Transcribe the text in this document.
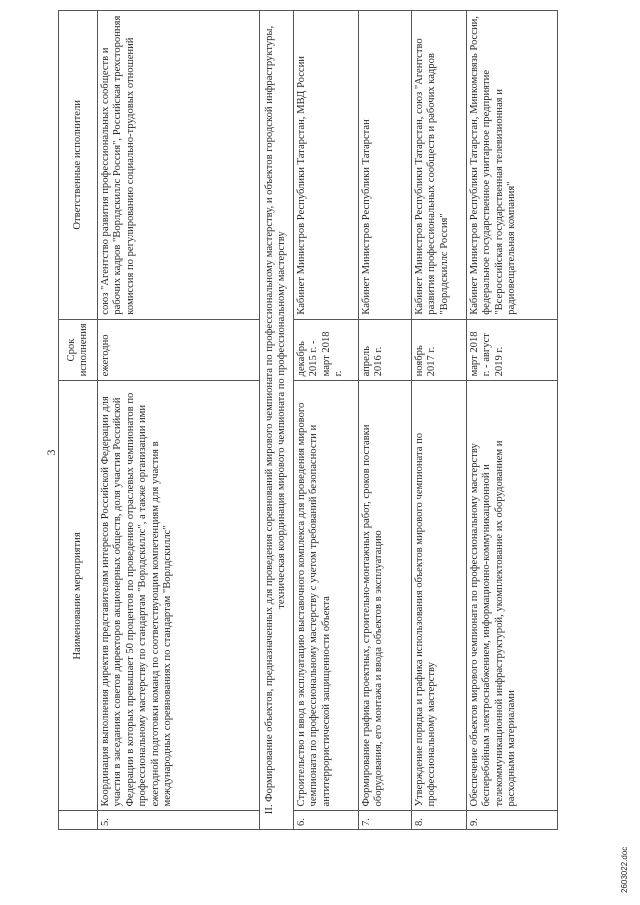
3
	Наименование мероприятия	Срок исполнения	Ответственные исполнители
5.	Координация выполнения директив представителям интересов Российской Федерации для участия в заседаниях советов директоров акционерных обществ, доля участия Российской Федерации в которых превышает 50 процентов по проведению отраслевых чемпионатов по профессиональному мастерству по стандартам "Ворлдскиллс", а также организации ими ежегодной подготовки команд по соответствующим компетенциям для участия в международных соревнованиях по стандартам "Ворлдскиллс"	ежегодно	союз "Агентство развития профессиональных сообществ и рабочих кадров "Ворлдскиллс Россия", Российская трехсторонняя комиссия по регулированию социально-трудовых отношений
II. Формирование объектов, предназначенных для проведения соревнований мирового чемпионата по профессиональному мастерству, и объектов городской инфраструктуры, техническая координация мирового чемпионата по профессиональному мастерству			
6.	Строительство и ввод в эксплуатацию выставочного комплекса для проведения мирового чемпионата по профессиональному мастерству с учетом требований безопасности и антитеррористической защищенности объекта	декабрь 2015 г. - март 2018 г.	Кабинет Министров Республики Татарстан, МВД России
7.	Формирование графика проектных, строительно-монтажных работ, сроков поставки оборудования, его монтажа и ввода объектов в эксплуатацию	апрель 2016 г.	Кабинет Министров Республики Татарстан
8.	Утверждение порядка и графика использования объектов мирового чемпионата по профессиональному мастерству	ноябрь 2017 г.	Кабинет Министров Республики Татарстан, союз "Агентство развития профессиональных сообществ и рабочих кадров "Ворлдскиллс Россия"
9.	Обеспечение объектов мирового чемпионата по профессиональному мастерству бесперебойным электроснабжением, информационно-коммуникационной и телекоммуникационной инфраструктурой, укомплектование их оборудованием и расходными материалами	март 2018 г. - август 2019 г.	Кабинет Министров Республики Татарстан, Минкомсвязь России, федеральное государственное унитарное предприятие "Всероссийская государственная телевизионная и радиовещательная компания"
2603022.doc
